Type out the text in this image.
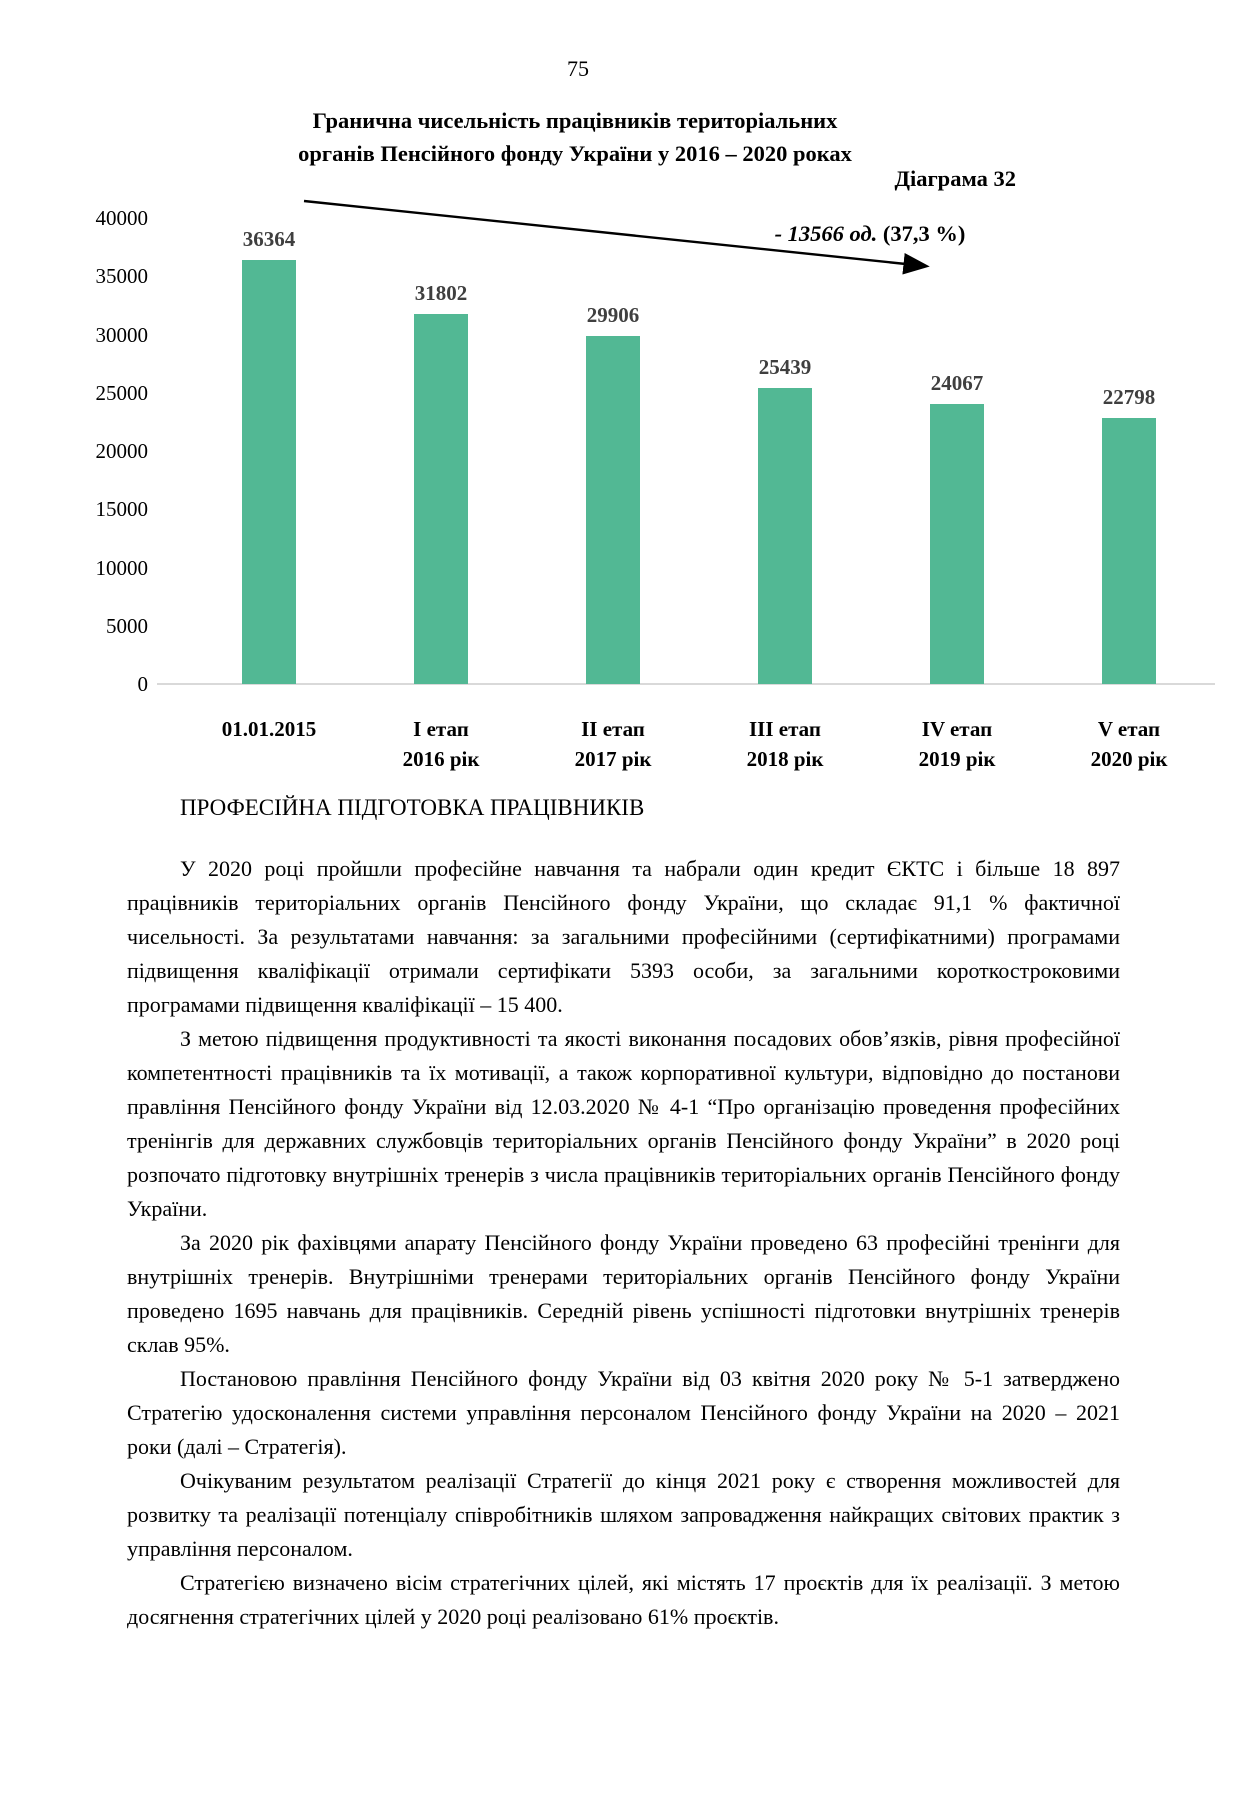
75
Гранична чисельність працівників територіальних
органів Пенсійного фонду України у 2016 – 2020 роках
Діаграма 32
- 13566 од. (37,3 %)
0
5000
10000
15000
20000
25000
30000
35000
40000
36364
01.01.2015
31802
I етап
2016 рік
29906
II етап
2017 рік
25439
III етап
2018 рік
24067
IV етап
2019 рік
22798
V етап
2020 рік
ПРОФЕСІЙНА ПІДГОТОВКА ПРАЦІВНИКІВ

У 2020 році пройшли професійне навчання та набрали один кредит ЄКТС і більше 18 897 працівників територіальних органів Пенсійного фонду України, що складає 91,1 % фактичної чисельності. За результатами навчання: за загальними професійними (сертифікатними) програмами підвищення кваліфікації отримали сертифікати 5393 особи, за загальними короткостроковими програмами підвищення кваліфікації – 15 400.

З метою підвищення продуктивності та якості виконання посадових обов’язків, рівня професійної компетентності працівників та їх мотивації, а також корпоративної культури, відповідно до постанови правління Пенсійного фонду України від 12.03.2020 № 4-1 “Про організацію проведення професійних тренінгів для державних службовців територіальних органів Пенсійного фонду України” в 2020 році розпочато підготовку внутрішніх тренерів з числа працівників територіальних органів Пенсійного фонду України.

За 2020 рік фахівцями апарату Пенсійного фонду України проведено 63 професійні тренінги для внутрішніх тренерів. Внутрішніми тренерами територіальних органів Пенсійного фонду України проведено 1695 навчань для працівників. Середній рівень успішності підготовки внутрішніх тренерів склав 95%.

Постановою правління Пенсійного фонду України від 03 квітня 2020 року № 5-1 затверджено Стратегію удосконалення системи управління персоналом Пенсійного фонду України на 2020 – 2021 роки (далі – Стратегія).

Очікуваним результатом реалізації Стратегії до кінця 2021 року є створення можливостей для розвитку та реалізації потенціалу співробітників шляхом запровадження найкращих світових практик з управління персоналом.

Стратегією визначено вісім стратегічних цілей, які містять 17 проєктів для їх реалізації. З метою досягнення стратегічних цілей у 2020 році реалізовано 61% проєктів.
